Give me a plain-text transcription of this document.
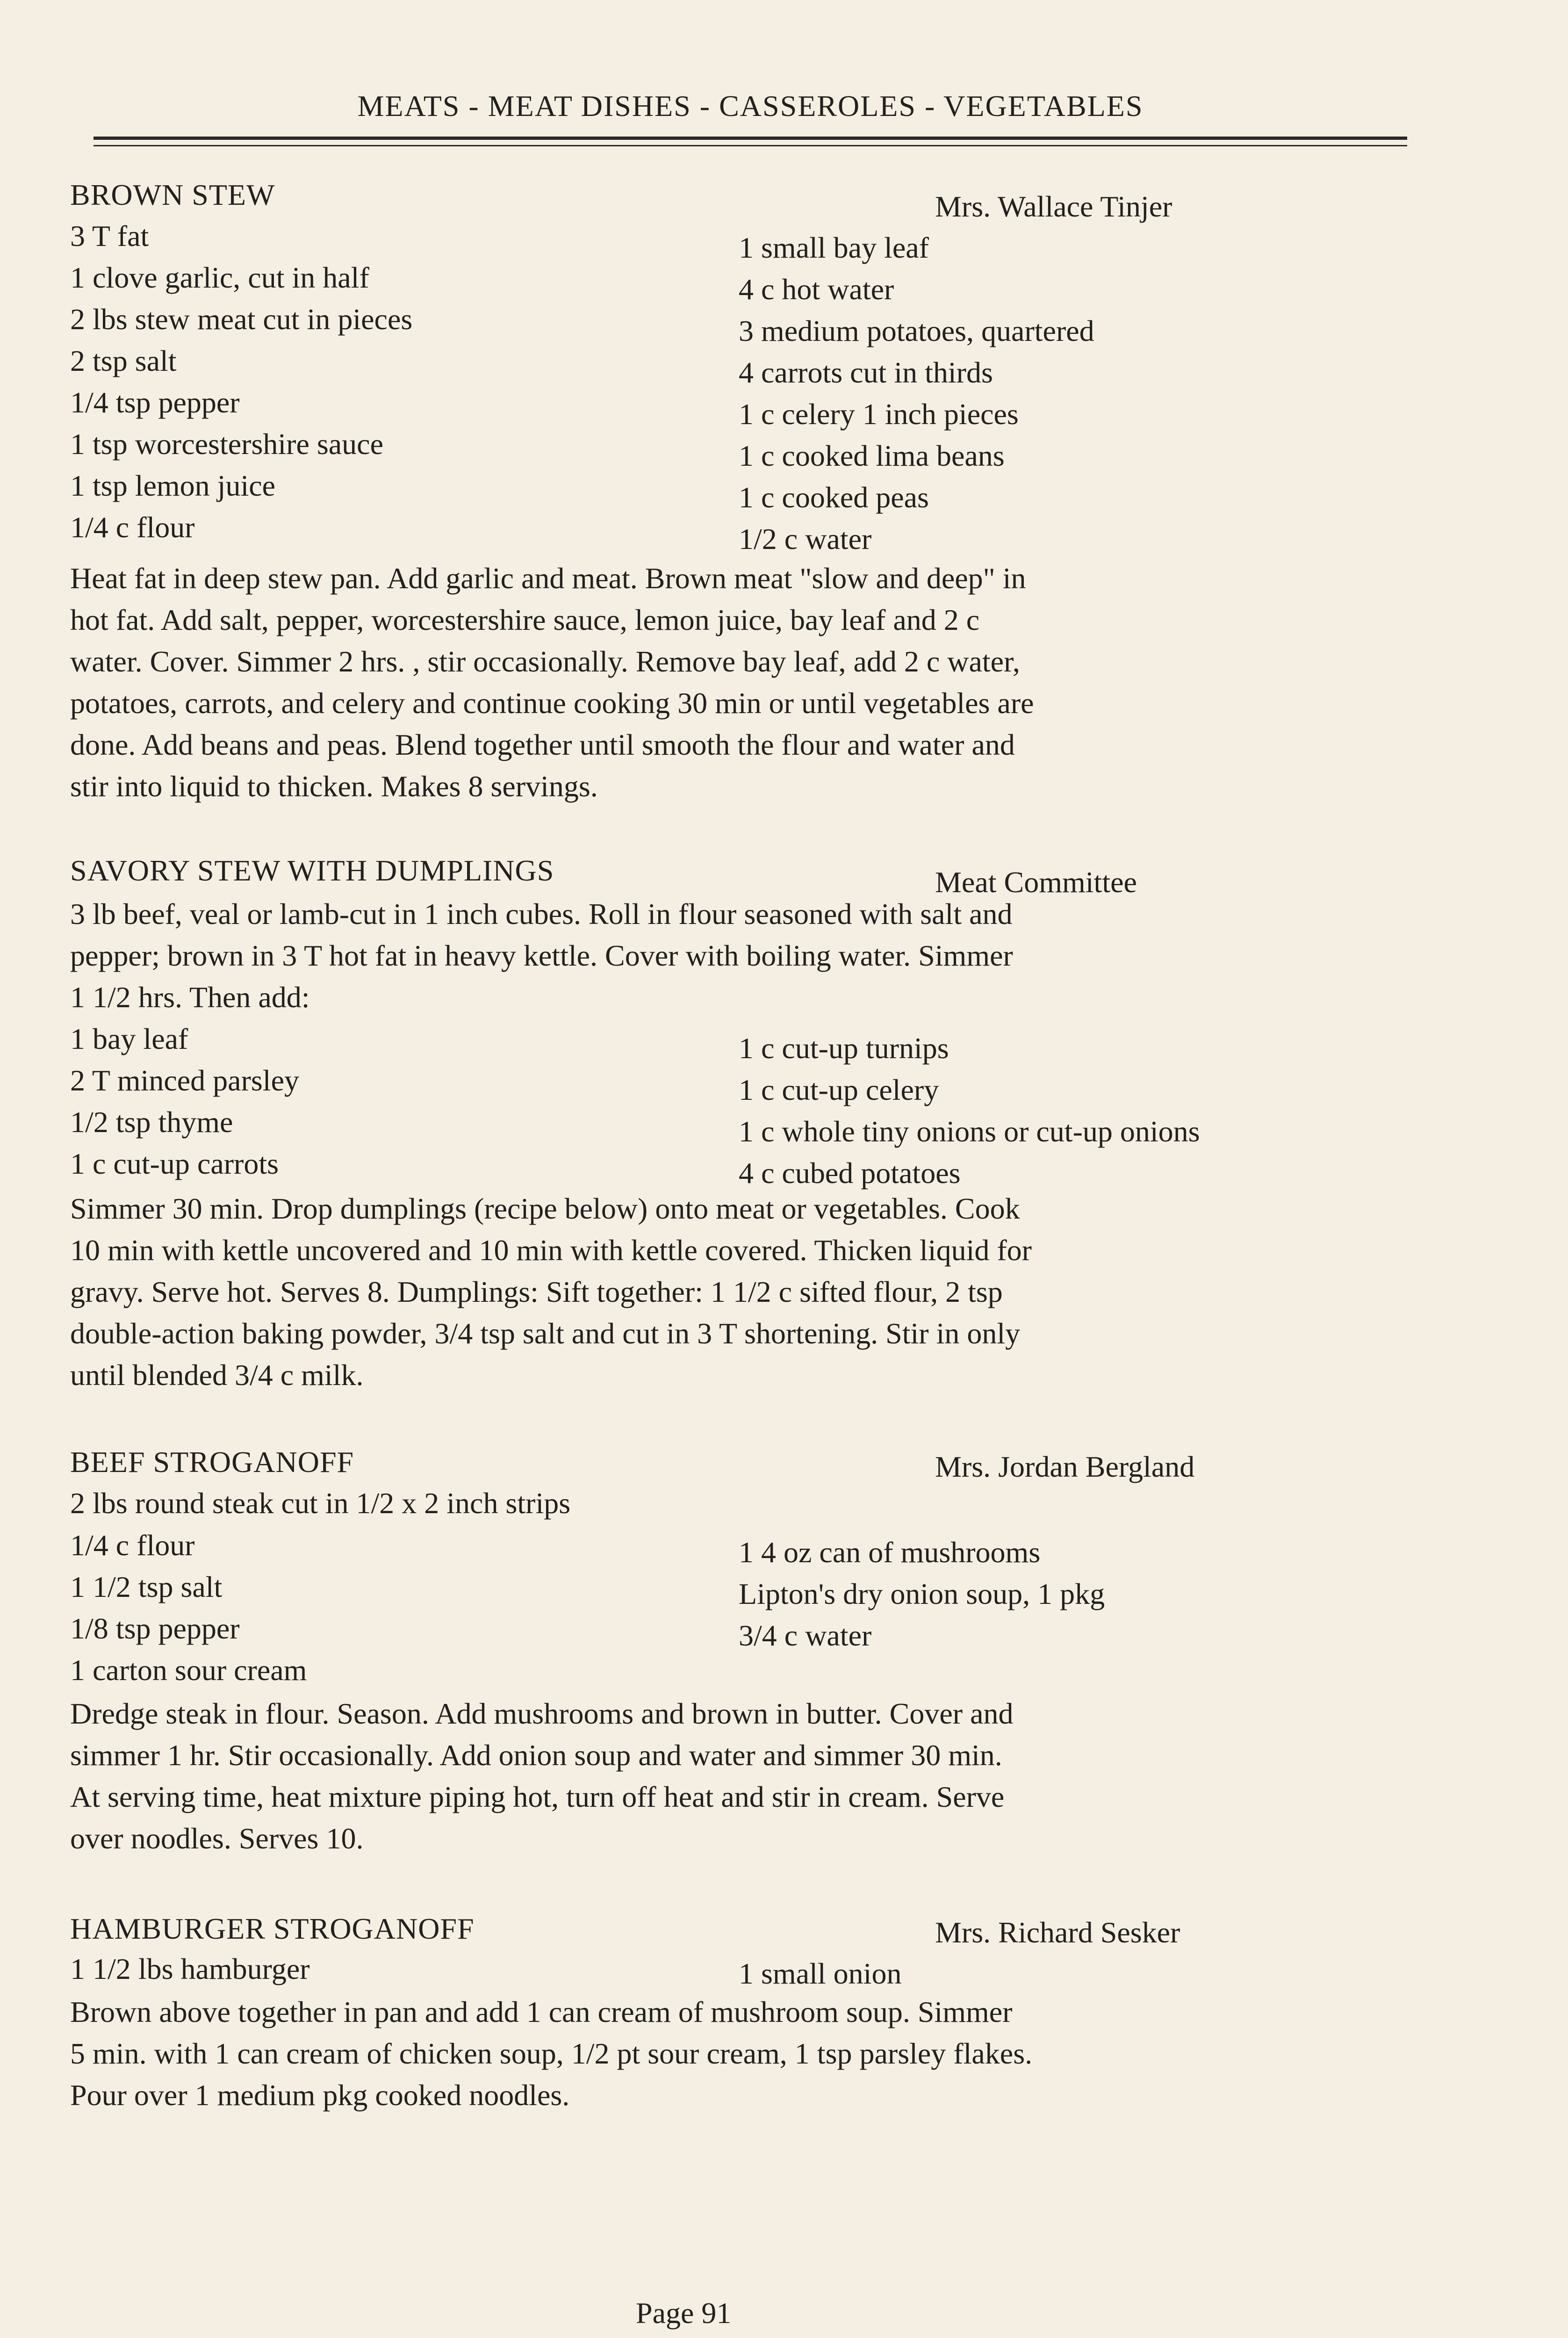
MEATS - MEAT DISHES - CASSEROLES - VEGETABLES
BROWN STEW	Mrs. Wallace Tinjer
3 T fat
1 clove garlic, cut in half
2 lbs stew meat cut in pieces
2 tsp salt
1/4 tsp pepper
1 tsp worcestershire sauce
1 tsp lemon juice
1/4 c flour
1 small bay leaf
4 c hot water
3 medium potatoes, quartered
4 carrots cut in thirds
1 c celery 1 inch pieces
1 c cooked lima beans
1 c cooked peas
1/2 c water
Heat fat in deep stew pan. Add garlic and meat. Brown meat "slow and deep" in
hot fat. Add salt, pepper, worcestershire sauce, lemon juice, bay leaf and 2 c
water. Cover. Simmer 2 hrs. , stir occasionally. Remove bay leaf, add 2 c water,
potatoes, carrots, and celery and continue cooking 30 min or until vegetables are
done. Add beans and peas. Blend together until smooth the flour and water and
stir into liquid to thicken. Makes 8 servings.
SAVORY STEW WITH DUMPLINGS	Meat Committee
3 lb beef, veal or lamb-cut in 1 inch cubes. Roll in flour seasoned with salt and
pepper; brown in 3 T hot fat in heavy kettle. Cover with boiling water. Simmer
1 1/2 hrs. Then add:
1 bay leaf
2 T minced parsley
1/2 tsp thyme
1 c cut-up carrots
1 c cut-up turnips
1 c cut-up celery
1 c whole tiny onions or cut-up onions
4 c cubed potatoes
Simmer 30 min. Drop dumplings (recipe below) onto meat or vegetables. Cook
10 min with kettle uncovered and 10 min with kettle covered. Thicken liquid for
gravy. Serve hot. Serves 8. Dumplings: Sift together: 1 1/2 c sifted flour, 2 tsp
double-action baking powder, 3/4 tsp salt and cut in 3 T shortening. Stir in only
until blended 3/4 c milk.
BEEF STROGANOFF	Mrs. Jordan Bergland
2 lbs round steak cut in 1/2 x 2 inch strips
1/4 c flour
1 1/2 tsp salt
1/8 tsp pepper
1 carton sour cream
1 4 oz can of mushrooms
Lipton's dry onion soup, 1 pkg
3/4 c water
Dredge steak in flour. Season. Add mushrooms and brown in butter. Cover and
simmer 1 hr. Stir occasionally. Add onion soup and water and simmer 30 min.
At serving time, heat mixture piping hot, turn off heat and stir in cream. Serve
over noodles. Serves 10.
HAMBURGER STROGANOFF	Mrs. Richard Sesker
1 1/2 lbs hamburger	1 small onion
Brown above together in pan and add 1 can cream of mushroom soup. Simmer
5 min. with 1 can cream of chicken soup, 1/2 pt sour cream, 1 tsp parsley flakes.
Pour over 1 medium pkg cooked noodles.
Page 91
